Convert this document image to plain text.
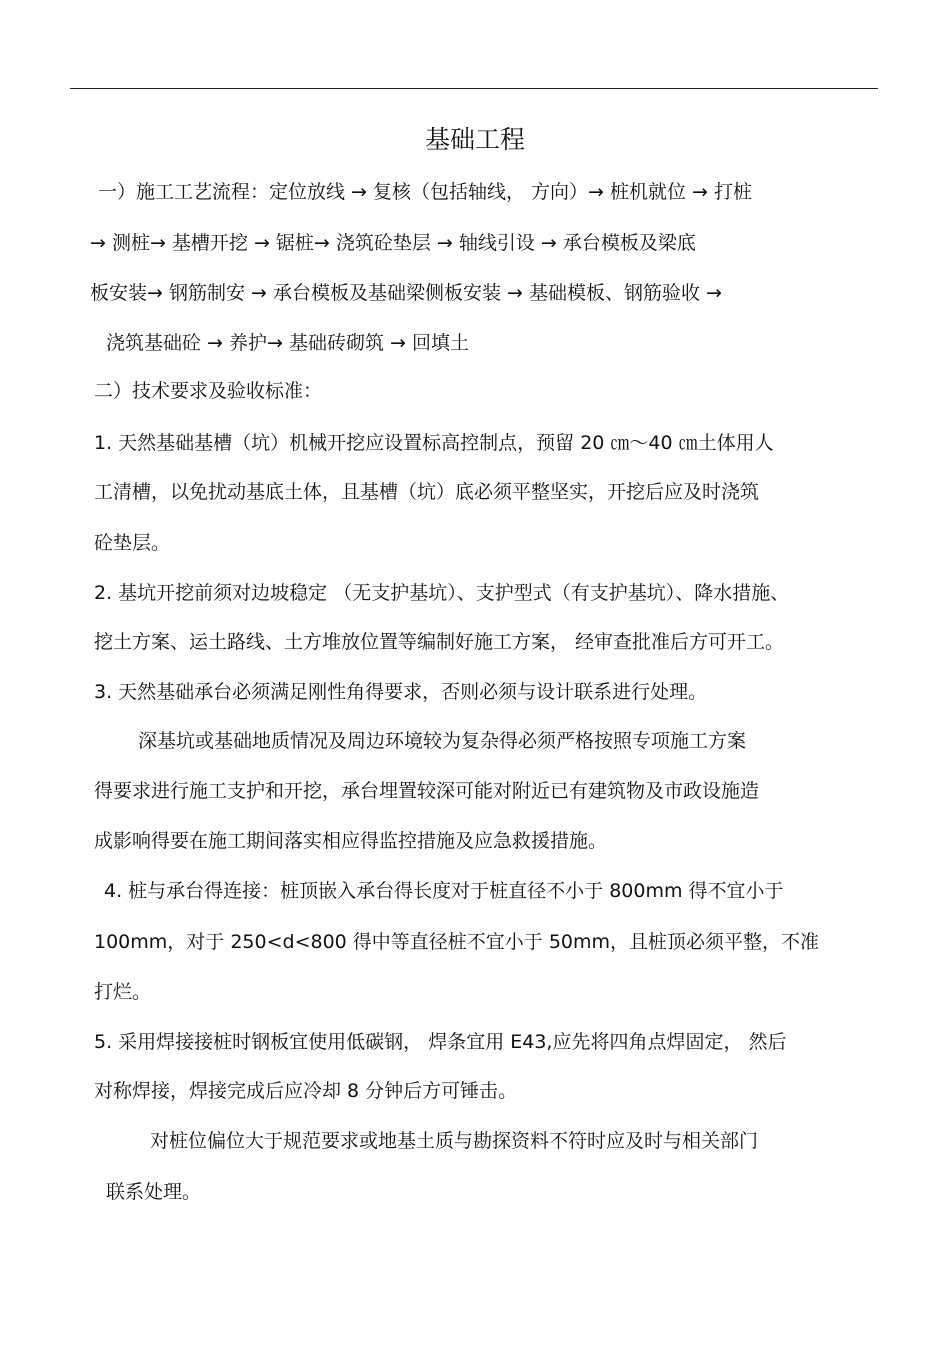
基础工程
一）施工工艺流程：定位放线 → 复核（包括轴线， 方向）→ 桩机就位 → 打桩
→ 测桩→ 基槽开挖 → 锯桩→ 浇筑砼垫层 → 轴线引设 → 承台模板及梁底
板安装→ 钢筋制安 → 承台模板及基础梁侧板安装 → 基础模板、钢筋验收 →
浇筑基础砼 → 养护→ 基础砖砌筑 → 回填土
二）技术要求及验收标准：
1. 天然基础基槽（坑）机械开挖应设置标高控制点，预留 20 ㎝～40 ㎝土体用人
工清槽，以免扰动基底土体，且基槽（坑）底必须平整坚实，开挖后应及时浇筑
砼垫层。
2. 基坑开挖前须对边坡稳定 （无支护基坑）、支护型式（有支护基坑）、降水措施、
挖土方案、运土路线、土方堆放位置等编制好施工方案， 经审查批准后方可开工。
3. 天然基础承台必须满足刚性角得要求，否则必须与设计联系进行处理。
深基坑或基础地质情况及周边环境较为复杂得必须严格按照专项施工方案
得要求进行施工支护和开挖，承台埋置较深可能对附近已有建筑物及市政设施造
成影响得要在施工期间落实相应得监控措施及应急救援措施。
4. 桩与承台得连接：桩顶嵌入承台得长度对于桩直径不小于 800mm 得不宜小于
100mm，对于 250<d<800 得中等直径桩不宜小于 50mm，且桩顶必须平整，不准
打烂。
5. 采用焊接接桩时钢板宜使用低碳钢， 焊条宜用 E43,应先将四角点焊固定， 然后
对称焊接，焊接完成后应冷却 8 分钟后方可锤击。
对桩位偏位大于规范要求或地基土质与勘探资料不符时应及时与相关部门
联系处理。
